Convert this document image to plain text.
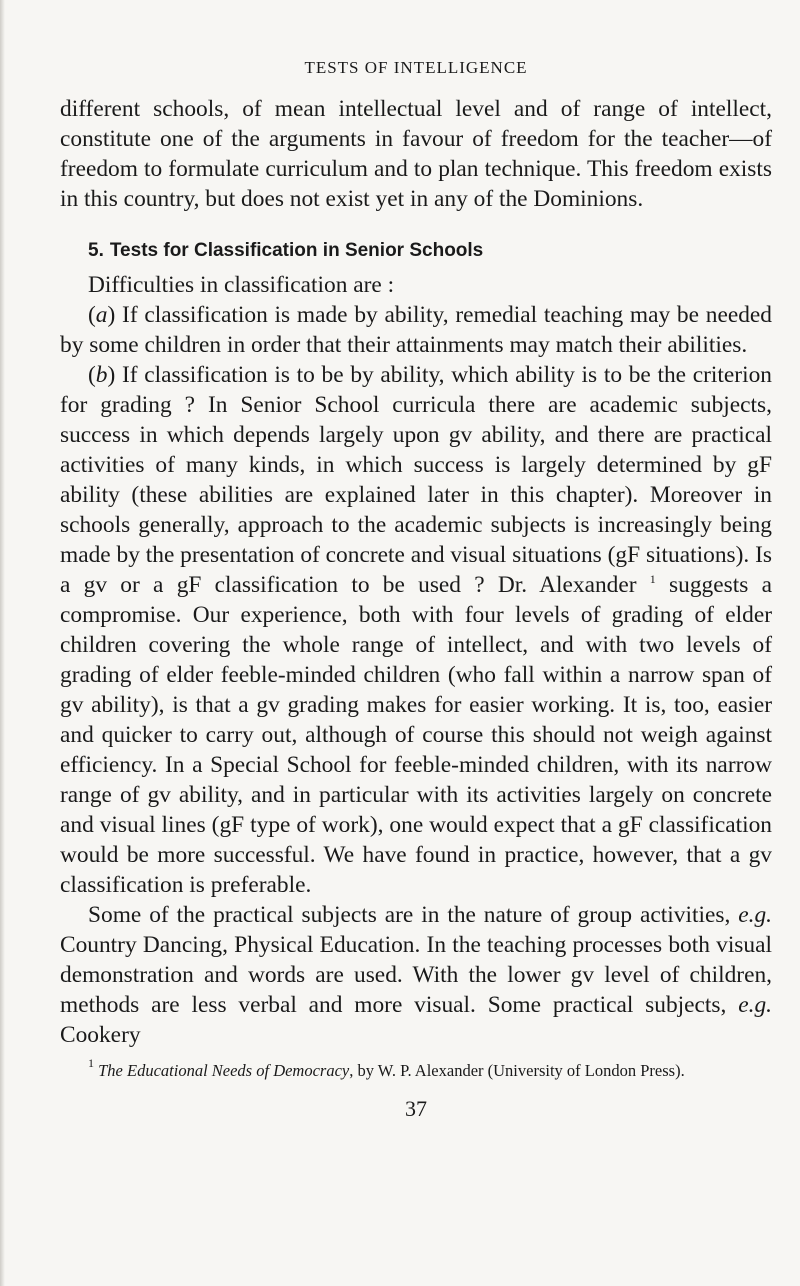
TESTS OF INTELLIGENCE

different schools, of mean intellectual level and of range of intellect, constitute one of the arguments in favour of freedom for the teacher—of freedom to formulate curriculum and to plan technique. This freedom exists in this country, but does not exist yet in any of the Dominions.

5. Tests for Classification in Senior Schools

Difficulties in classification are :

(a) If classification is made by ability, remedial teaching may be needed by some children in order that their attainments may match their abilities.

(b) If classification is to be by ability, which ability is to be the criterion for grading ? In Senior School curricula there are academic subjects, success in which depends largely upon gv ability, and there are practical activities of many kinds, in which success is largely determined by gF ability (these abilities are explained later in this chapter). Moreover in schools generally, approach to the academic subjects is increasingly being made by the presentation of concrete and visual situations (gF situations). Is a gv or a gF classification to be used ? Dr. Alexander $^1$ suggests a compromise. Our experience, both with four levels of grading of elder children covering the whole range of intellect, and with two levels of grading of elder feeble-minded children (who fall within a narrow span of gv ability), is that a gv grading makes for easier working. It is, too, easier and quicker to carry out, although of course this should not weigh against efficiency. In a Special School for feeble-minded children, with its narrow range of gv ability, and in particular with its activities largely on concrete and visual lines (gF type of work), one would expect that a gF classification would be more successful. We have found in practice, however, that a gv classification is preferable.

Some of the practical subjects are in the nature of group activities, e.g. Country Dancing, Physical Education. In the teaching processes both visual demonstration and words are used. With the lower gv level of children, methods are less verbal and more visual. Some practical subjects, e.g. Cookery

$^1$ The Educational Needs of Democracy, by W. P. Alexander (University of London Press).

37
